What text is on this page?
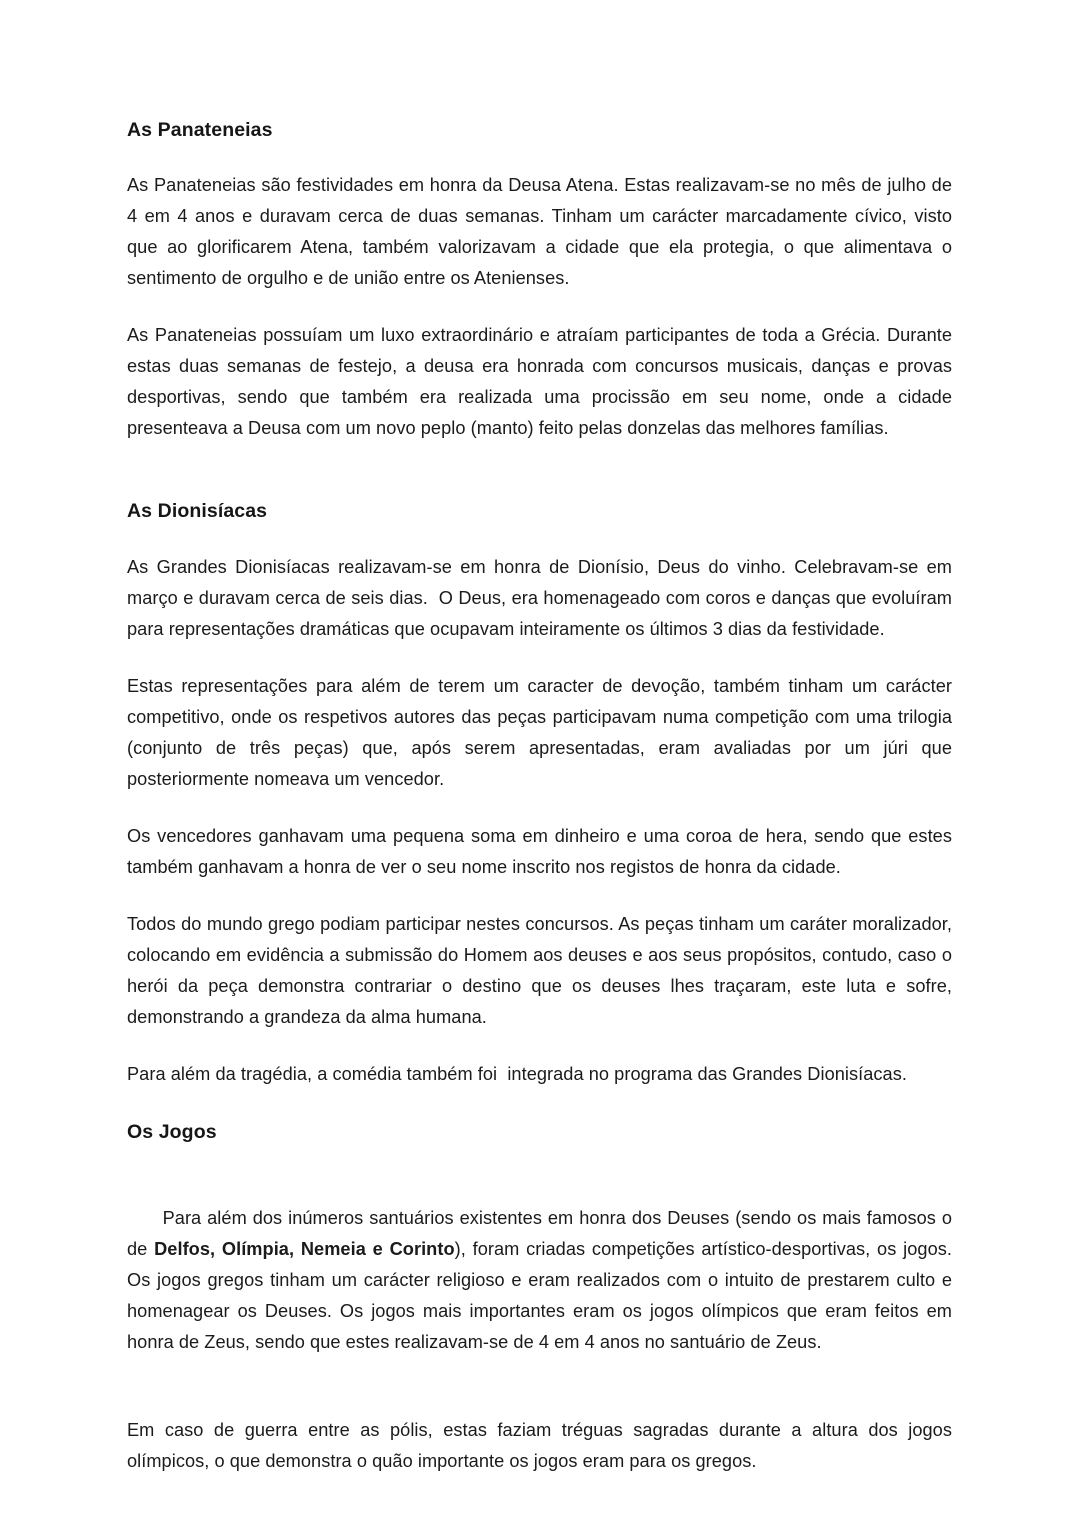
As Panateneias

As Panateneias são festividades em honra da Deusa Atena. Estas realizavam-se no mês de julho de 4 em 4 anos e duravam cerca de duas semanas. Tinham um carácter marcadamente cívico, visto que ao glorificarem Atena, também valorizavam a cidade que ela protegia, o que alimentava o sentimento de orgulho e de união entre os Atenienses.

As Panateneias possuíam um luxo extraordinário e atraíam participantes de toda a Grécia. Durante estas duas semanas de festejo, a deusa era honrada com concursos musicais, danças e provas desportivas, sendo que também era realizada uma procissão em seu nome, onde a cidade presenteava a Deusa com um novo peplo (manto) feito pelas donzelas das melhores famílias.

As Dionisíacas

As Grandes Dionisíacas realizavam-se em honra de Dionísio, Deus do vinho. Celebravam-se em março e duravam cerca de seis dias.  O Deus, era homenageado com coros e danças que evoluíram para representações dramáticas que ocupavam inteiramente os últimos 3 dias da festividade.

Estas representações para além de terem um caracter de devoção, também tinham um carácter competitivo, onde os respetivos autores das peças participavam numa competição com uma trilogia (conjunto de três peças) que, após serem apresentadas, eram avaliadas por um júri que posteriormente nomeava um vencedor.

Os vencedores ganhavam uma pequena soma em dinheiro e uma coroa de hera, sendo que estes também ganhavam a honra de ver o seu nome inscrito nos registos de honra da cidade.

Todos do mundo grego podiam participar nestes concursos. As peças tinham um caráter moralizador, colocando em evidência a submissão do Homem aos deuses e aos seus propósitos, contudo, caso o herói da peça demonstra contrariar o destino que os deuses lhes traçaram, este luta e sofre, demonstrando a grandeza da alma humana.

Para além da tragédia, a comédia também foi  integrada no programa das Grandes Dionisíacas.

Os Jogos

Para além dos inúmeros santuários existentes em honra dos Deuses (sendo os mais famosos o de Delfos, Olímpia, Nemeia e Corinto), foram criadas competições artístico-desportivas, os jogos. Os jogos gregos tinham um carácter religioso e eram realizados com o intuito de prestarem culto e homenagear os Deuses. Os jogos mais importantes eram os jogos olímpicos que eram feitos em honra de Zeus, sendo que estes realizavam-se de 4 em 4 anos no santuário de Zeus.

Em caso de guerra entre as pólis, estas faziam tréguas sagradas durante a altura dos jogos olímpicos, o que demonstra o quão importante os jogos eram para os gregos.
